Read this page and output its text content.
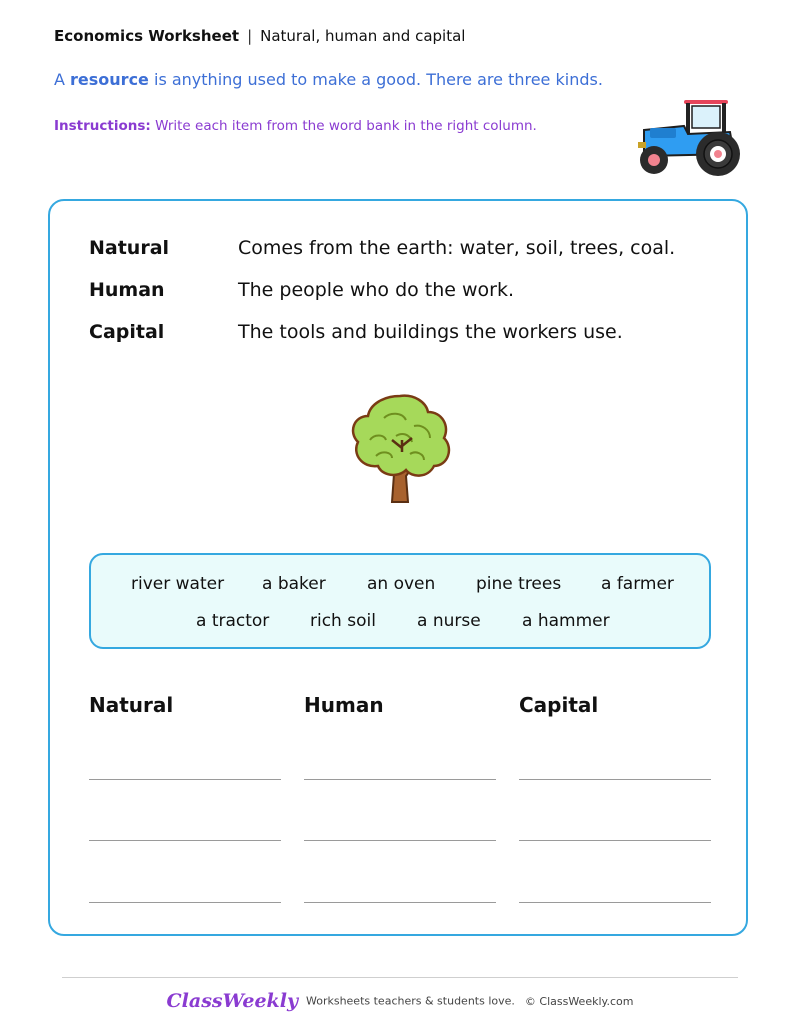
Economics Worksheet | Natural, human and capital
A resource is anything used to make a good. There are three kinds.
Instructions: Write each item from the word bank in the right column.
Natural	Comes from the earth: water, soil, trees, coal.
Human	The people who do the work.
Capital	The tools and buildings the workers use.
river water a baker an oven pine trees a farmer
a tractor rich soil a nurse a hammer
Natural	Human	Capital
ClassWeekly Worksheets teachers & students love. © ClassWeekly.com
